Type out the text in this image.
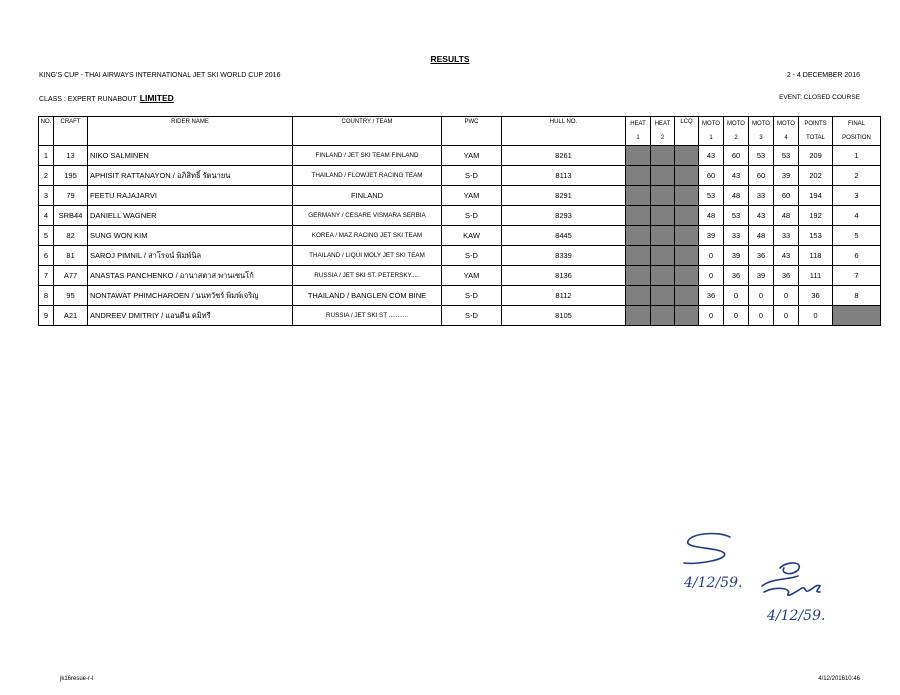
RESULTS
KING'S CUP - THAI AIRWAYS INTERNATIONAL JET SKI WORLD CUP 2016	2 - 4 DECEMBER 2016
CLASS : EXPERT RUNABOUT LIMITED	EVENT: CLOSED COURSE
NO.	CRAFT	RIDER NAME	COUNTRY / TEAM	PWC	HULL NO.	HEAT	HEAT	LCQ	MOTO	MOTO	MOTO	MOTO	POINTS	FINAL
						1	2		1	2	3	4	TOTAL	POSITION
1	13	NIKO SALMINEN	FINLAND / JET SKI TEAM FINLAND	YAM	8261				43	60	53	53	209	1
2	195	APHISIT RATTANAYON / อภิสิทธิ์ รัตนายน	THAILAND / FLOWJET RACING TEAM	S-D	8113				60	43	60	39	202	2
3	79	FEETU RAJAJARVI	FINLAND	YAM	8291				53	48	33	60	194	3
4	SRB44	DANIELL WAGNER	GERMANY / CESARE VISMARA SERBIA	S-D	8293				48	53	43	48	192	4
5	82	SUNG WON KIM	KOREA / MAZ RACING JET SKI TEAM	KAW	8445				39	33	48	33	153	5
6	81	SAROJ PIMNIL / สาโรจน์ พิมพ์นิล	THAILAND / LIQUI MOLY JET SKI TEAM	S-D	8339				0	39	36	43	118	6
7	A77	ANASTAS PANCHENKO / อานาสตาส พานเชนโก้	RUSSIA / JET SKI ST. PETERSKY.....	YAM	8136				0	36	39	36	111	7
8	95	NONTAWAT PHIMCHAROEN / นนทวัชร์ พิมพ์เจริญ	THAILAND / BANGLEN COM BINE	S-D	8112				36	0	0	0	36	8
9	A21	ANDREEV DMITRIY / แอนดีน ดมิทรี	RUSSIA / JET SKI ST ...........	S-D	8105				0	0	0	0	0	
4/12/59.
4/12/59.
jk16resue-r-l	4/12/201610:46
